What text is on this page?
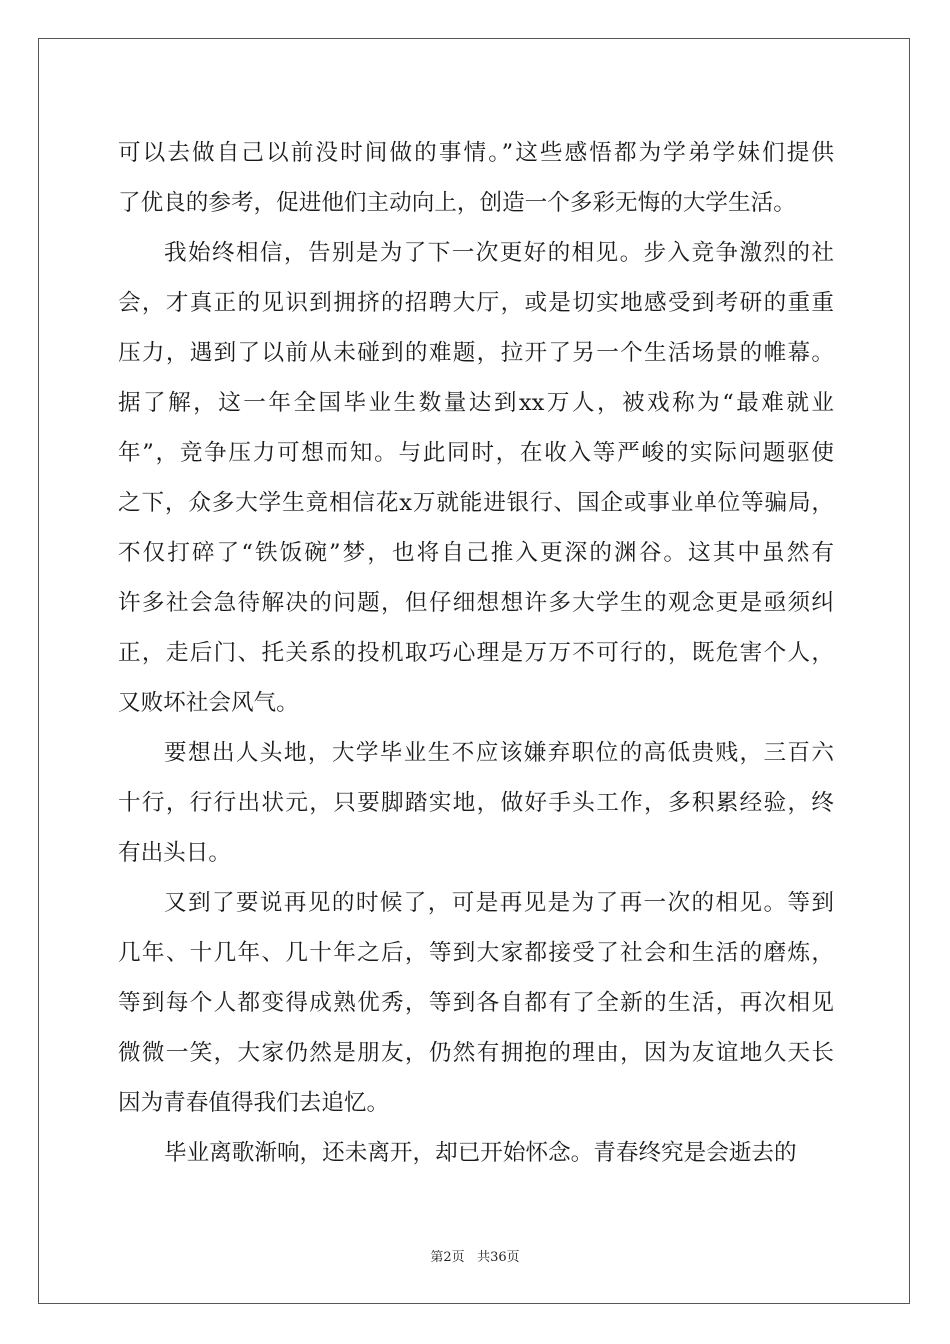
可以去做自己以前没时间做的事情。”这些感悟都为学弟学妹们提供
了优良的参考，促进他们主动向上，创造一个多彩无悔的大学生活。
我始终相信，告别是为了下一次更好的相见。步入竞争激烈的社
会，才真正的见识到拥挤的招聘大厅，或是切实地感受到考研的重重
压力，遇到了以前从未碰到的难题，拉开了另一个生活场景的帷幕。
据了解，这一年全国毕业生数量达到xx万人，被戏称为“最难就业
年”，竞争压力可想而知。与此同时，在收入等严峻的实际问题驱使
之下，众多大学生竟相信花x万就能进银行、国企或事业单位等骗局，
不仅打碎了“铁饭碗”梦，也将自己推入更深的渊谷。这其中虽然有
许多社会急待解决的问题，但仔细想想许多大学生的观念更是亟须纠
正，走后门、托关系的投机取巧心理是万万不可行的，既危害个人，
又败坏社会风气。
要想出人头地，大学毕业生不应该嫌弃职位的高低贵贱，三百六
十行，行行出状元，只要脚踏实地，做好手头工作，多积累经验，终
有出头日。
又到了要说再见的时候了，可是再见是为了再一次的相见。等到
几年、十几年、几十年之后，等到大家都接受了社会和生活的磨炼，
等到每个人都变得成熟优秀，等到各自都有了全新的生活，再次相见
微微一笑，大家仍然是朋友，仍然有拥抱的理由，因为友谊地久天长
因为青春值得我们去追忆。
毕业离歌渐响，还未离开，却已开始怀念。青春终究是会逝去的
第2页 共36页
